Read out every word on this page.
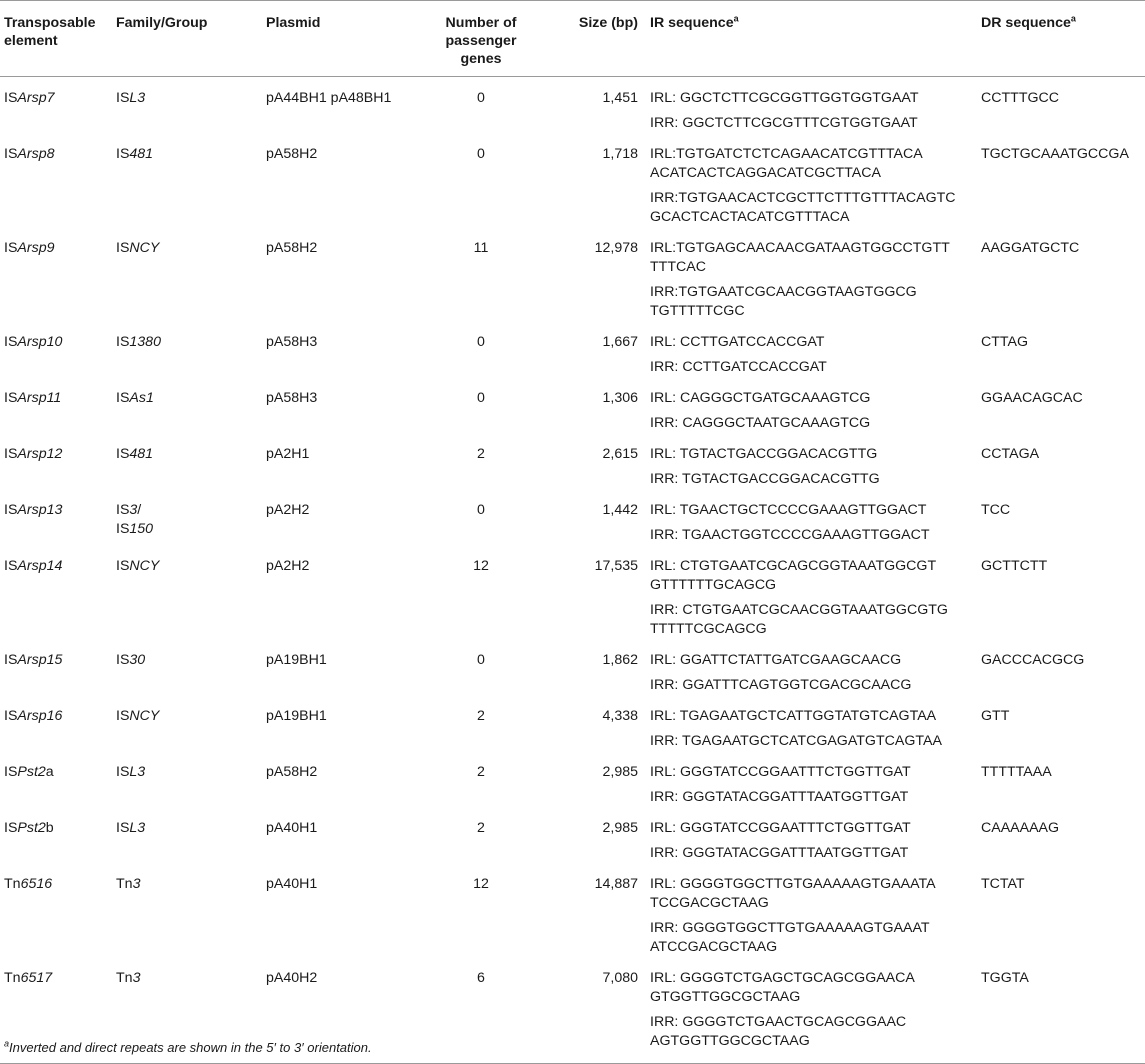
Transposable
element	Family/Group	Plasmid	Number of
passenger
genes	Size (bp)	IR sequence$^a$	DR sequence$^a$
ISArsp7	ISL3	pA44BH1 pA48BH1	0	1,451	IRL: GGCTCTTCGCGGTTGGTGGTGAAT
IRR: GGCTCTTCGCGTTTCGTGGTGAAT	CCTTTGCC
ISArsp8	IS481	pA58H2	0	1,718	IRL:TGTGATCTCTCAGAACATCGTTTACA
ACATCACTCAGGACATCGCTTACA
IRR:TGTGAACACTCGCTTCTTTGTTTACAGTC
GCACTCACTACATCGTTTACA	TGCTGCAAATGCCGA
ISArsp9	ISNCY	pA58H2	11	12,978	IRL:TGTGAGCAACAACGATAAGTGGCCTGTT
TTTCAC
IRR:TGTGAATCGCAACGGTAAGTGGCG
TGTTTTTCGC	AAGGATGCTC
ISArsp10	IS1380	pA58H3	0	1,667	IRL: CCTTGATCCACCGAT
IRR: CCTTGATCCACCGAT	CTTAG
ISArsp11	ISAs1	pA58H3	0	1,306	IRL: CAGGGCTGATGCAAAGTCG
IRR: CAGGGCTAATGCAAAGTCG	GGAACAGCAC
ISArsp12	IS481	pA2H1	2	2,615	IRL: TGTACTGACCGGACACGTTG
IRR: TGTACTGACCGGACACGTTG	CCTAGA
ISArsp13	IS3/
IS150	pA2H2	0	1,442	IRL: TGAACTGCTCCCCGAAAGTTGGACT
IRR: TGAACTGGTCCCCGAAAGTTGGACT	TCC
ISArsp14	ISNCY	pA2H2	12	17,535	IRL: CTGTGAATCGCAGCGGTAAATGGCGT
GTTTTTTGCAGCG
IRR: CTGTGAATCGCAACGGTAAATGGCGTG
TTTTTCGCAGCG	GCTTCTT
ISArsp15	IS30	pA19BH1	0	1,862	IRL: GGATTCTATTGATCGAAGCAACG
IRR: GGATTTCAGTGGTCGACGCAACG	GACCCACGCG
ISArsp16	ISNCY	pA19BH1	2	4,338	IRL: TGAGAATGCTCATTGGTATGTCAGTAA
IRR: TGAGAATGCTCATCGAGATGTCAGTAA	GTT
ISPst2a	ISL3	pA58H2	2	2,985	IRL: GGGTATCCGGAATTTCTGGTTGAT
IRR: GGGTATACGGATTTAATGGTTGAT	TTTTTAAA
ISPst2b	ISL3	pA40H1	2	2,985	IRL: GGGTATCCGGAATTTCTGGTTGAT
IRR: GGGTATACGGATTTAATGGTTGAT	CAAAAAAG
Tn6516	Tn3	pA40H1	12	14,887	IRL: GGGGTGGCTTGTGAAAAAGTGAAATA
TCCGACGCTAAG
IRR: GGGGTGGCTTGTGAAAAAGTGAAAT
ATCCGACGCTAAG	TCTAT
Tn6517	Tn3	pA40H2	6	7,080	IRL: GGGGTCTGAGCTGCAGCGGAACA
GTGGTTGGCGCTAAG
IRR: GGGGTCTGAACTGCAGCGGAAC
AGTGGTTGGCGCTAAG	TGGTA
$^a$Inverted and direct repeats are shown in the 5′ to 3′ orientation.
